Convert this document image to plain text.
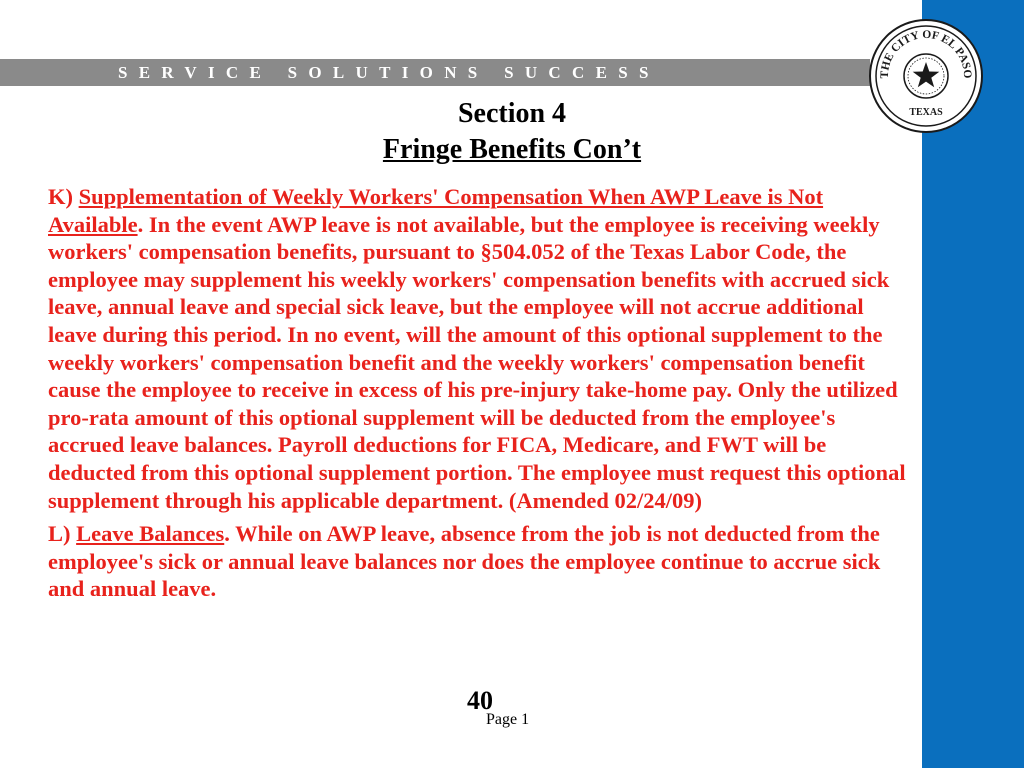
SERVICE SOLUTIONS SUCCESS	THE CITY OF EL PASO
TEXAS
Section 4
Fringe Benefits Con’t

K) Supplementation of Weekly Workers' Compensation When AWP Leave is Not Available. In the event AWP leave is not available, but the employee is receiving weekly workers' compensation benefits, pursuant to §504.052 of the Texas Labor Code, the employee may supplement his weekly workers' compensation benefits with accrued sick leave, annual leave and special sick leave, but the employee will not accrue additional leave during this period. In no event, will the amount of this optional supplement to the weekly workers' compensation benefit and the weekly workers' compensation benefit cause the employee to receive in excess of his pre-injury take-home pay. Only the utilized pro-rata amount of this optional supplement will be deducted from the employee's accrued leave balances. Payroll deductions for FICA, Medicare, and FWT will be deducted from this optional supplement portion. The employee must request this optional supplement through his applicable department. (Amended 02/24/09)

L) Leave Balances. While on AWP leave, absence from the job is not deducted from the employee's sick or annual leave balances nor does the employee continue to accrue sick and annual leave.

40
Page 1
